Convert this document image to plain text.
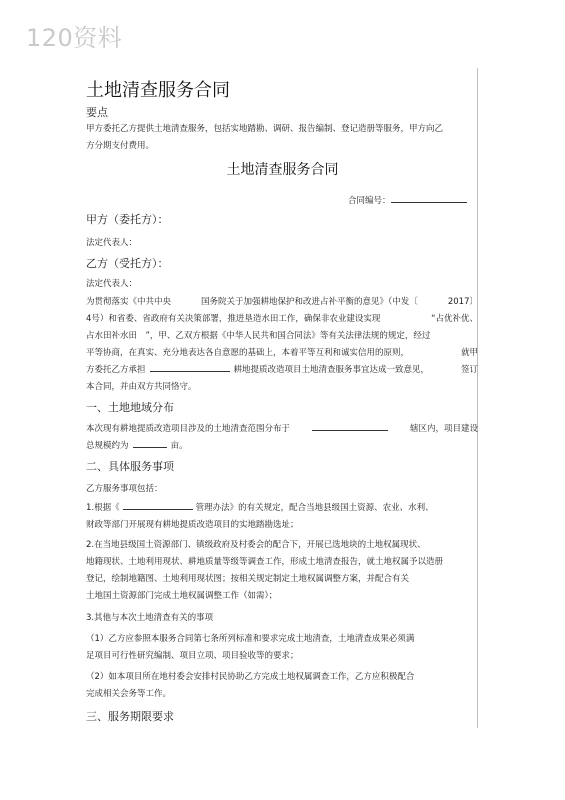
120资料
土地清查服务合同
要点
甲方委托乙方提供土地清查服务，包括实地踏勘、调研、报告编制、登记造册等服务，甲方向乙
方分期支付费用。
土地清查服务合同
合同编号：
甲方（委托方）：
法定代表人：
乙方（受托方）：
法定代表人：
为贯彻落实《中共中央	国务院关于加强耕地保护和改进占补平衡的意见》（中发〔	2017〕
4号）和省委、省政府有关决策部署，推进垦造水田工作，确保非农业建设实现	“占优补优、
占水田补水田　”，甲、乙双方根据《中华人民共和国合同法》等有关法律法规的规定，经过
平等协商，在真实、充分地表达各自意愿的基础上，本着平等互利和诚实信用的原则，	就甲
方委托乙方承担	耕地提质改造项目土地清查服务事宜达成一致意见，	签订
本合同，并由双方共同恪守。
一、土地地域分布
本次现有耕地提质改造项目涉及的土地清查范围分布于	辖区内，项目建设
总规模约为	亩。
二、具体服务事项
乙方服务事项包括：
1.根据《	管理办法》的有关规定，配合当地县级国土资源、农业、水利、
财政等部门开展现有耕地提质改造项目的实地踏勘选址；
2.在当地县级国土资源部门、镇级政府及村委会的配合下，开展已选地块的土地权属现状、
地籍现状、土地利用现状、耕地质量等级等调查工作，形成土地清查报告，就土地权属予以造册
登记，绘制地籍图、土地利用现状图；按相关规定制定土地权属调整方案，并配合有关
土地国土资源部门完成土地权属调整工作（如需）；
3.其他与本次土地清查有关的事项
（1）乙方应参照本服务合同第七条所列标准和要求完成土地清查，土地清查成果必须满
足项目可行性研究编制、项目立项、项目验收等的要求；
（2）如本项目所在地村委会安排村民协助乙方完成土地权属调查工作，乙方应积极配合
完成相关会务等工作。
三、服务期限要求
